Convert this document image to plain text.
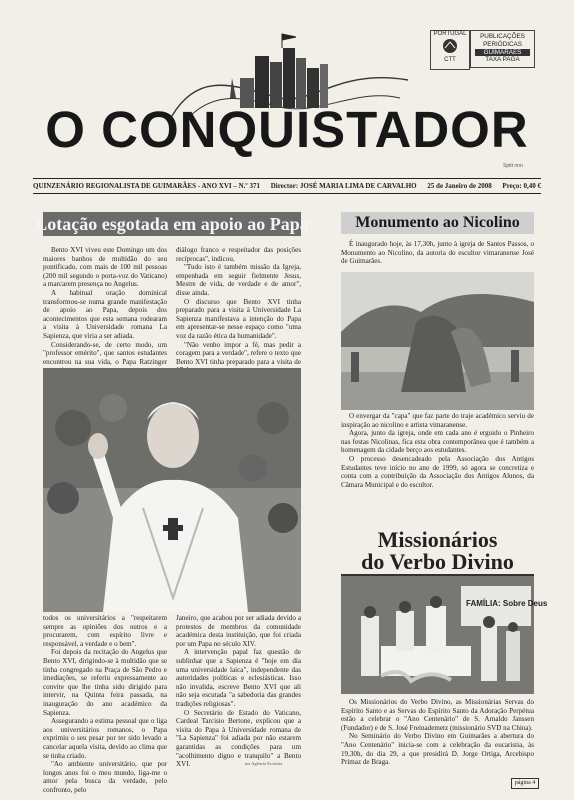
PORTUGAL
CTT
PUBLICAÇÕES
PERIÓDICAS
GUIMARÃES
TAXA PAGA
O CONQUISTADOR
Spitt nnn
QUINZENÁRIO REGIONALISTA DE GUIMARÃES - ANO XVI – N.º 371 Director: JOSÉ MARIA LIMA DE CARVALHO 25 de Janeiro de 2008 Preço: 0,40 €
Lotação esgotada em apoio ao Papa

Bento XVI viveu este Domingo um dos maiores banhos de multidão do seu pontificado, com mais de 100 mil pessoas (200 mil segundo o porta-voz do Vaticano) a marcarem presença no Angelus.

A habitual oração dominical transformou-se numa grande manifestação de apoio ao Papa, depois dos acontecimentos que esta semana rodearam a visita à Universidade romana La Sapienza, que viria a ser adiada.

Considerando-se, de certo modo, um "professor emérito", que santos estudantes encontrou na sua vida, o Papa Ratzinger

diálogo franco e respeitador das posições recíprocas", indicou.

"Tudo isto é também missão da Igreja, empenhada em seguir fielmente Jesus, Mestre de vida, de verdade e de amor", disse ainda.

O discurso que Bento XVI tinha preparado para a visita à Universidade La Sapienza manifestava a intenção do Papa em apresentar-se nesse espaço como "uma voz da razão ética da humanidade".

"Não venho impor a fé, mas pedir a coragem para a verdade", refere o texto que Bento XVI tinha preparado para a visita de

todos os universitários a "respeitarem sempre as opiniões dos outros e a procurarem, com espírito livre e responsável, a verdade e o bem".

Foi depois da recitação do Angelus que Bento XVI, dirigindo-se à multidão que se tinha congregado na Praça de São Pedro e imediações, se referiu expressamente ao convite que lhe tinha sido dirigido para intervir, na Quinta feira passada, na inauguração do ano académico da Sapienza.

Assegurando a estima pessoal que o liga aos universitários romanos, o Papa exprimiu o seu pesar por ter sido levado a cancelar aquela visita, devido ao clima que se tinha criado.

"Ao ambiente universitário, que por longos anos foi o meu mundo, liga-me o amor pela busca da verdade, pelo confronto, pelo

Janeiro, que acabou por ser adiada devido a protestos de membros da comunidade académica desta instituição, que foi criada por um Papa no século XIV.

A intervenção papal faz questão de sublinhar que a Sapienza é "hoje em dia uma universidade laica", independente das autoridades políticas e eclesiásticas. Isso não invalida, escreve Bento XVI que ali não seja escutada "a sabedoria das grandes tradições religiosas".

O Secretário de Estado do Vaticano, Cardeal Tarcisio Bertone, explicou que a visita do Papa à Universidade romana de "La Sapienza" foi adiada por não estarem garantidas as condições para um "acolhimento digno e tranquilo" a Bento XVI.	ins Agência Ecclesia
Monumento ao Nicolino

É inaugurado hoje, às 17,30h, junto à igreja de Santos Passos, o Monumento ao Nicolino, da autoria do escultor vimaranense José de Guimarães.

O envergar da "capa" que faz parte do traje académico serviu de inspiração ao nicolino e artista vimaranense.

Agora, junto da igreja, onde em cada ano é erguido o Pinheiro nas festas Nicolinas, fica esta obra contemporânea que é também a homenagem da cidade berço aos estudantes.

O processo desencadeado pela Associação dos Antigos Estudantes teve início no ano de 1999, só agora se concretiza e conta com a contribuição da Associação dos Antigos Alunos, da Câmara Municipal e do escultor.

Missionários
do Verbo Divino
FAMÍLIA: Sobre Deus

Os Missionários do Verbo Divino, as Missionárias Servas do Espírito Santo e as Servas do Espírito Santo da Adoração Perpétua estão a celebrar o "Ano Centenário" de S. Arnaldo Janssen (Fundador) e de S. José Freinademetz (missionário SVD na China).

No Seminário do Verbo Divino em Guimarães a abertura do "Ano Centenário" inicia-se com a celebração da eucaristia, às 19,30h, do dia 29, a que presidirá D. Jorge Ortiga, Arcebispo Primaz de Braga.

página 4
